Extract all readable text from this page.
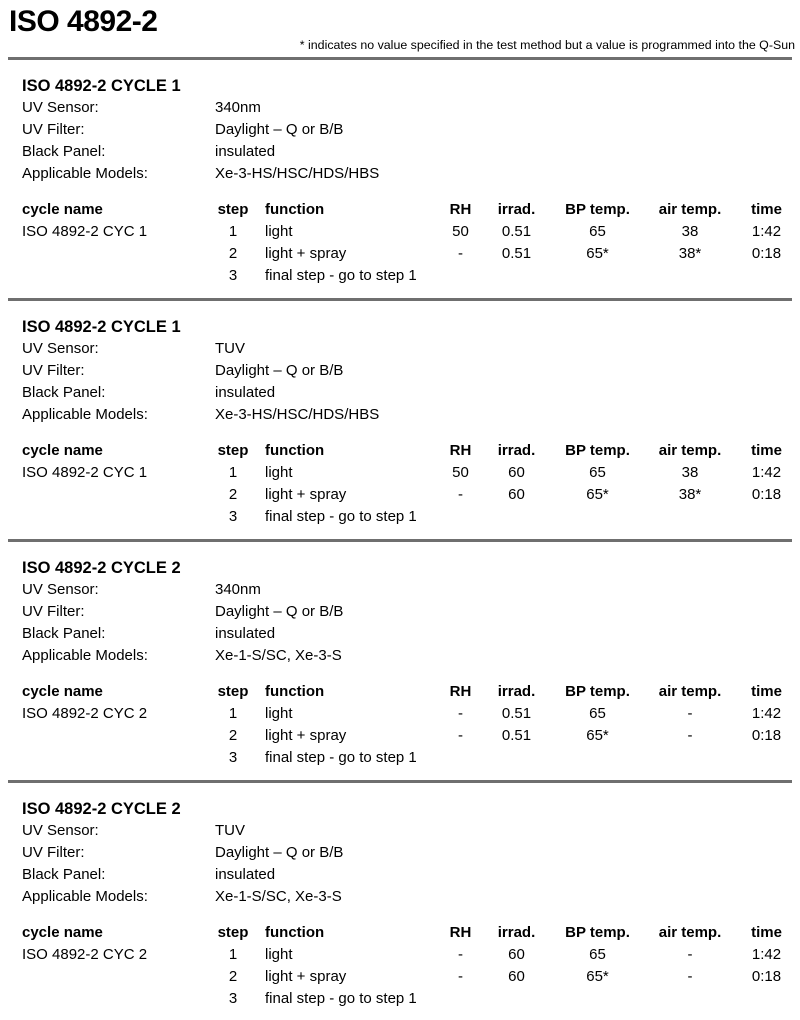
ISO 4892-2
* indicates no value specified in the test method but a value is programmed into the Q-Sun
ISO 4892-2 CYCLE 1
UV Sensor:	340nm
UV Filter:	Daylight – Q or B/B
Black Panel:	insulated
Applicable Models:	Xe-3-HS/HSC/HDS/HBS
cycle name	step	function	RH	irrad.	BP temp.	air temp.	time
ISO 4892-2 CYC 1	1	light	50	0.51	65	38	1:42
	2	light + spray	-	0.51	65*	38*	0:18
	3	final step - go to step 1					
ISO 4892-2 CYCLE 1
UV Sensor:	TUV
UV Filter:	Daylight – Q or B/B
Black Panel:	insulated
Applicable Models:	Xe-3-HS/HSC/HDS/HBS
cycle name	step	function	RH	irrad.	BP temp.	air temp.	time
ISO 4892-2 CYC 1	1	light	50	60	65	38	1:42
	2	light + spray	-	60	65*	38*	0:18
	3	final step - go to step 1					
ISO 4892-2 CYCLE 2
UV Sensor:	340nm
UV Filter:	Daylight – Q or B/B
Black Panel:	insulated
Applicable Models:	Xe-1-S/SC, Xe-3-S
cycle name	step	function	RH	irrad.	BP temp.	air temp.	time
ISO 4892-2 CYC 2	1	light	-	0.51	65	-	1:42
	2	light + spray	-	0.51	65*	-	0:18
	3	final step - go to step 1					
ISO 4892-2 CYCLE 2
UV Sensor:	TUV
UV Filter:	Daylight – Q or B/B
Black Panel:	insulated
Applicable Models:	Xe-1-S/SC, Xe-3-S
cycle name	step	function	RH	irrad.	BP temp.	air temp.	time
ISO 4892-2 CYC 2	1	light	-	60	65	-	1:42
	2	light + spray	-	60	65*	-	0:18
	3	final step - go to step 1					
